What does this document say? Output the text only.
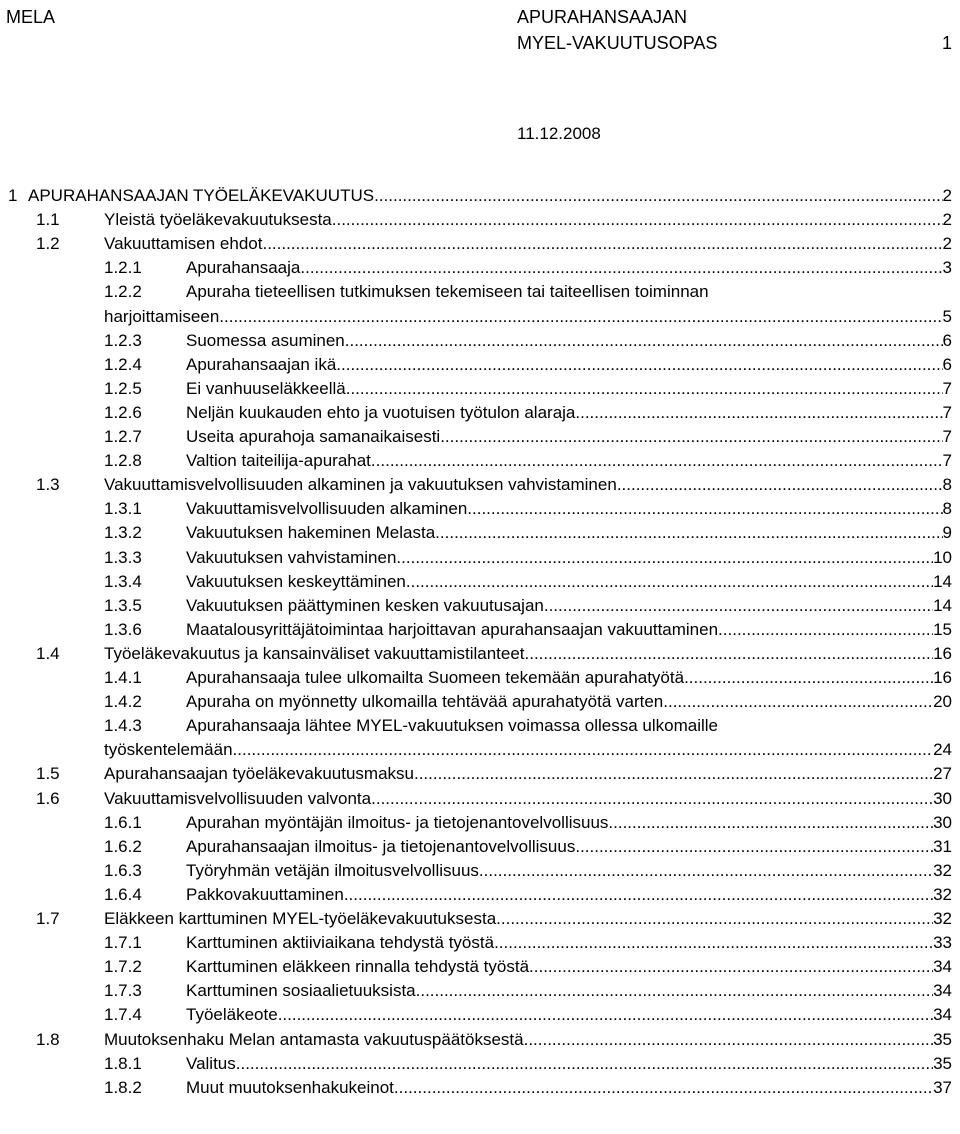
MELA	APURAHANSAAJAN
MYEL-VAKUUTUSOPAS	1
11.12.2008
1 APURAHANSAAJAN TYÖELÄKEVAKUUTUS .....	2
1.1	Yleistä työeläkevakuutuksesta .....	2
1.2	Vakuuttamisen ehdot .....	2
1.2.1	Apurahansaaja .....	3
1.2.2	Apuraha tieteellisen tutkimuksen tekemiseen tai taiteellisen toiminnan
harjoittamiseen .....	5
1.2.3	Suomessa asuminen .....	6
1.2.4	Apurahansaajan ikä .....	6
1.2.5	Ei vanhuuseläkkeellä .....	7
1.2.6	Neljän kuukauden ehto ja vuotuisen työtulon alaraja .....	7
1.2.7	Useita apurahoja samanaikaisesti .....	7
1.2.8	Valtion taiteilija-apurahat .....	7
1.3	Vakuuttamisvelvollisuuden alkaminen ja vakuutuksen vahvistaminen .....	8
1.3.1	Vakuuttamisvelvollisuuden alkaminen .....	8
1.3.2	Vakuutuksen hakeminen Melasta .....	9
1.3.3	Vakuutuksen vahvistaminen .....	10
1.3.4	Vakuutuksen keskeyttäminen .....	14
1.3.5	Vakuutuksen päättyminen kesken vakuutusajan .....	14
1.3.6	Maatalousyrittäjätoimintaa harjoittavan apurahansaajan vakuuttaminen .....	15
1.4	Työeläkevakuutus ja kansainväliset vakuuttamistilanteet .....	16
1.4.1	Apurahansaaja tulee ulkomailta Suomeen tekemään apurahatyötä .....	16
1.4.2	Apuraha on myönnetty ulkomailla tehtävää apurahatyötä varten .....	20
1.4.3	Apurahansaaja lähtee MYEL-vakuutuksen voimassa ollessa ulkomaille
työskentelemään .....	24
1.5	Apurahansaajan työeläkevakuutusmaksu .....	27
1.6	Vakuuttamisvelvollisuuden valvonta .....	30
1.6.1	Apurahan myöntäjän ilmoitus- ja tietojenantovelvollisuus .....	30
1.6.2	Apurahansaajan ilmoitus- ja tietojenantovelvollisuus .....	31
1.6.3	Työryhmän vetäjän ilmoitusvelvollisuus .....	32
1.6.4	Pakkovakuuttaminen .....	32
1.7	Eläkkeen karttuminen MYEL-työeläkevakuutuksesta .....	32
1.7.1	Karttuminen aktiiviaikana tehdystä työstä .....	33
1.7.2	Karttuminen eläkkeen rinnalla tehdystä työstä .....	34
1.7.3	Karttuminen sosiaalietuuksista .....	34
1.7.4	Työeläkeote .....	34
1.8	Muutoksenhaku Melan antamasta vakuutuspäätöksestä .....	35
1.8.1	Valitus .....	35
1.8.2	Muut muutoksenhakukeinot .....	37
